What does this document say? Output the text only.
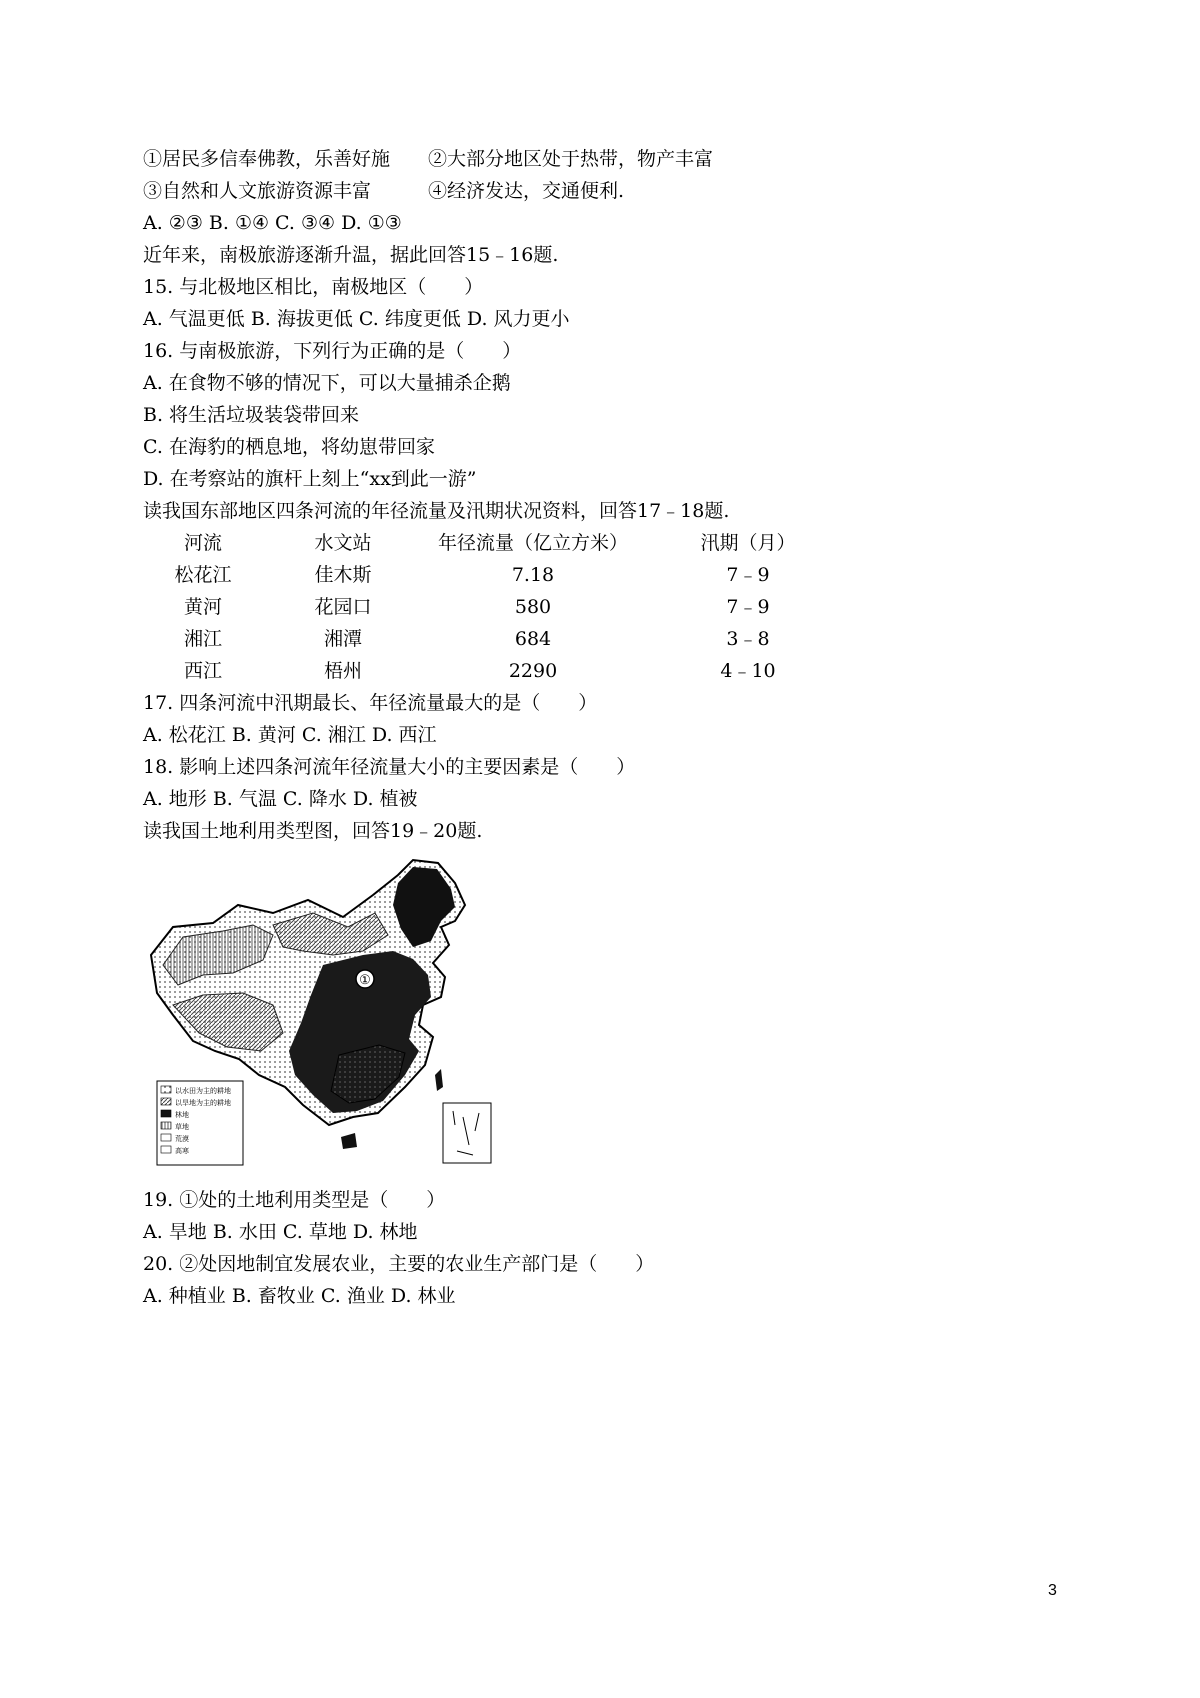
①居民多信奉佛教，乐善好施　　②大部分地区处于热带，物产丰富
③自然和人文旅游资源丰富　　　④经济发达，交通便利.
A. ②③ B. ①④ C. ③④ D. ①③
近年来，南极旅游逐渐升温，据此回答15﹣16题.
15. 与北极地区相比，南极地区（　　）
A. 气温更低 B. 海拔更低 C. 纬度更低 D. 风力更小
16. 与南极旅游，下列行为正确的是（　　）
A. 在食物不够的情况下，可以大量捕杀企鹅
B. 将生活垃圾装袋带回来
C. 在海豹的栖息地，将幼崽带回家
D. 在考察站的旗杆上刻上“xx到此一游”
读我国东部地区四条河流的年径流量及汛期状况资料，回答17﹣18题.
河流	水文站	年径流量（亿立方米）	汛期（月）
松花江	佳木斯	7.18	7﹣9
黄河	花园口	580	7﹣9
湘江	湘潭	684	3﹣8
西江	梧州	2290	4﹣10
17. 四条河流中汛期最长、年径流量最大的是（　　）
A. 松花江 B. 黄河 C. 湘江 D. 西江
18. 影响上述四条河流年径流量大小的主要因素是（　　）
A. 地形 B. 气温 C. 降水 D. 植被
读我国土地利用类型图，回答19﹣20题.
①
以水田为主的耕地
以旱地为主的耕地
林地
草地
荒漠
高寒
19. ①处的土地利用类型是（　　）
A. 旱地 B. 水田 C. 草地 D. 林地
20. ②处因地制宜发展农业，主要的农业生产部门是（　　）
A. 种植业 B. 畜牧业 C. 渔业 D. 林业
3
